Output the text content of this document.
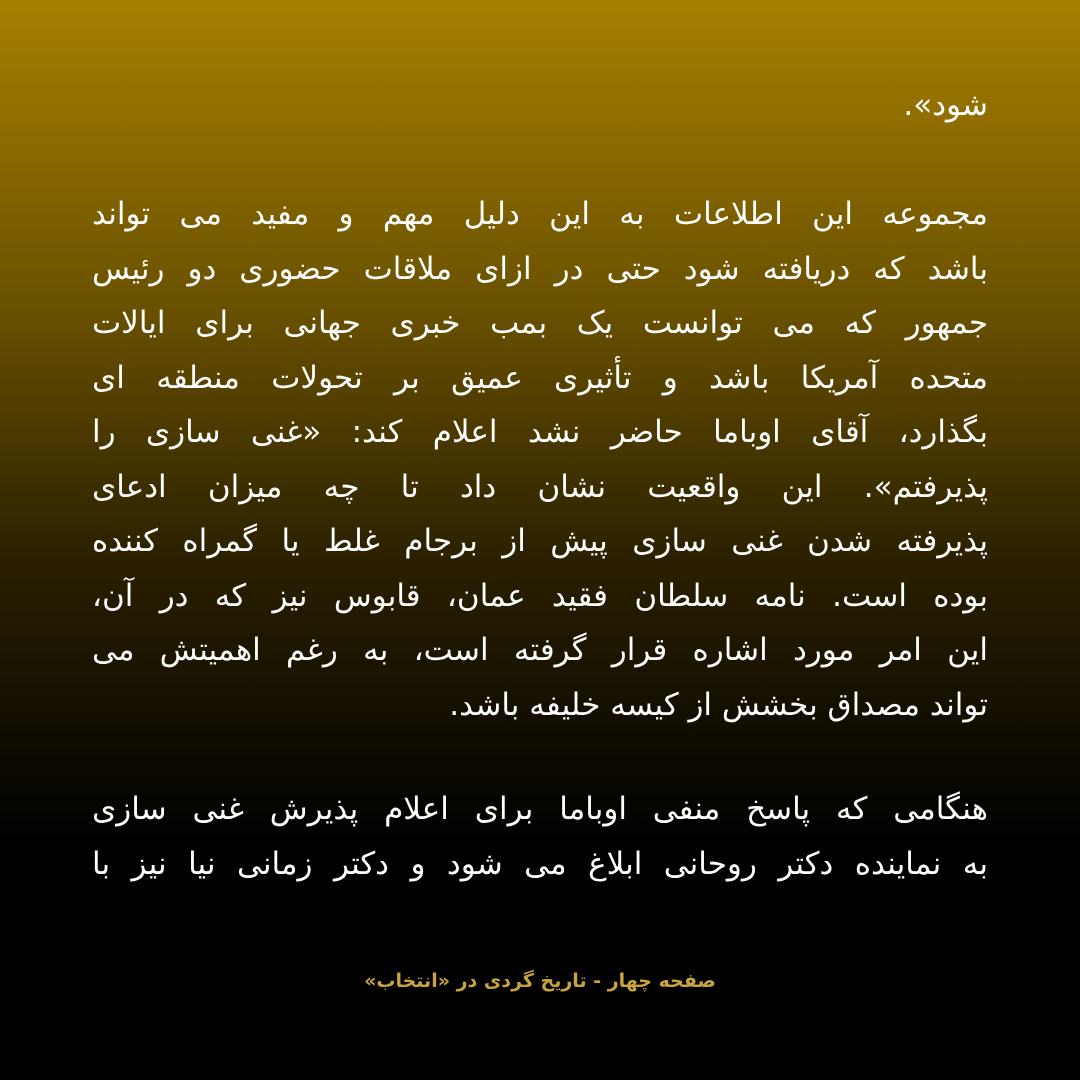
شود».
مجموعه این اطلاعات به این دلیل مهم و مفید می تواند
باشد که دریافته شود حتی در ازای ملاقات حضوری دو رئیس
جمهور که می توانست یک بمب خبری جهانی برای ایالات
متحده آمریکا باشد و تأثیری عمیق بر تحولات منطقه ای
بگذارد، آقای اوباما حاضر نشد اعلام کند: «غنی سازی را
پذیرفتم». این واقعیت نشان داد تا چه میزان ادعای
پذیرفته شدن غنی سازی پیش از برجام غلط یا گمراه کننده
بوده است. نامه سلطان فقید عمان، قابوس نیز که در آن،
این امر مورد اشاره قرار گرفته است، به رغم اهمیتش می
تواند مصداق بخشش از کیسه خلیفه باشد.
هنگامی که پاسخ منفی اوباما برای اعلام پذیرش غنی سازی
به نماینده دکتر روحانی ابلاغ می شود و دکتر زمانی نیا نیز با
صفحه چهار - تاریخ گردی در «انتخاب»
